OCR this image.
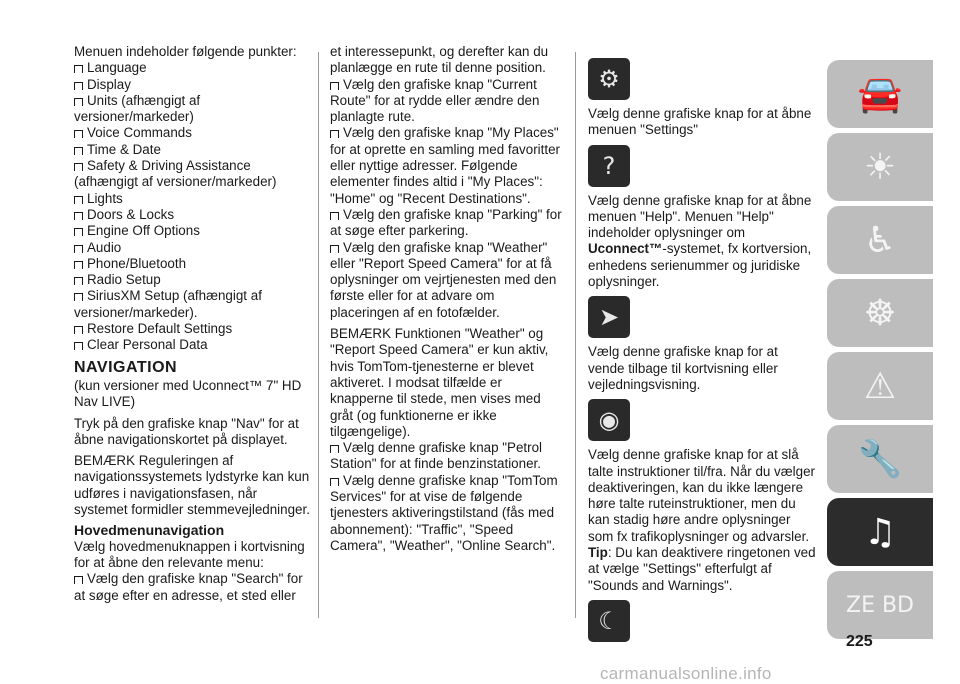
Menuen indeholder følgende punkter:

Language
Display
Units (afhængigt af versioner/markeder)
Voice Commands
Time & Date
Safety & Driving Assistance (afhængigt af versioner/markeder)
Lights
Doors & Locks
Engine Off Options
Audio
Phone/Bluetooth
Radio Setup
SiriusXM Setup (afhængigt af versioner/markeder).
Restore Default Settings
Clear Personal Data

NAVIGATION

(kun versioner med Uconnect™ 7" HD Nav LIVE)

Tryk på den grafiske knap "Nav" for at åbne navigationskortet på displayet.

BEMÆRK Reguleringen af navigationssystemets lydstyrke kan kun udføres i navigationsfasen, når systemet formidler stemmevejledninger.

Hovedmenunavigation

Vælg hovedmenuknappen i kortvisning for at åbne den relevante menu:

Vælg den grafiske knap "Search" for at søge efter en adresse, et sted eller

et interessepunkt, og derefter kan du planlægge en rute til denne position.

Vælg den grafiske knap "Current Route" for at rydde eller ændre den planlagte rute.
Vælg den grafiske knap "My Places" for at oprette en samling med favoritter eller nyttige adresser. Følgende elementer findes altid i "My Places": "Home" og "Recent Destinations".
Vælg den grafiske knap "Parking" for at søge efter parkering.
Vælg den grafiske knap "Weather" eller "Report Speed Camera" for at få oplysninger om vejrtjenesten med den første eller for at advare om placeringen af en fotofælder.

BEMÆRK Funktionen "Weather" og "Report Speed Camera" er kun aktiv, hvis TomTom-tjenesterne er blevet aktiveret. I modsat tilfælde er knapperne til stede, men vises med gråt (og funktionerne er ikke tilgængelige).

Vælg denne grafiske knap "Petrol Station" for at finde benzinstationer.
Vælg denne grafiske knap "TomTom Services" for at vise de følgende tjenesters aktiveringstilstand (fås med abonnement): "Traffic", "Speed Camera", "Weather", "Online Search".
⚙

Vælg denne grafiske knap for at åbne menuen "Settings"

?

Vælg denne grafiske knap for at åbne menuen "Help". Menuen "Help" indeholder oplysninger om Uconnect™-systemet, fx kortversion, enhedens serienummer og juridiske oplysninger.

➤

Vælg denne grafiske knap for at vende tilbage til kortvisning eller vejledningsvisning.

◉

Vælg denne grafiske knap for at slå talte instruktioner til/fra. Når du vælger deaktiveringen, kan du ikke længere høre talte ruteinstruktioner, men du kan stadig høre andre oplysninger som fx trafikoplysninger og advarsler. Tip: Du kan deaktivere ringetonen ved at vælge "Settings" efterfulgt af "Sounds and Warnings".

☾
🚘
☀
♿
☸
⚠
🔧
♫
ZE BD
225
carmanualsonline.info
